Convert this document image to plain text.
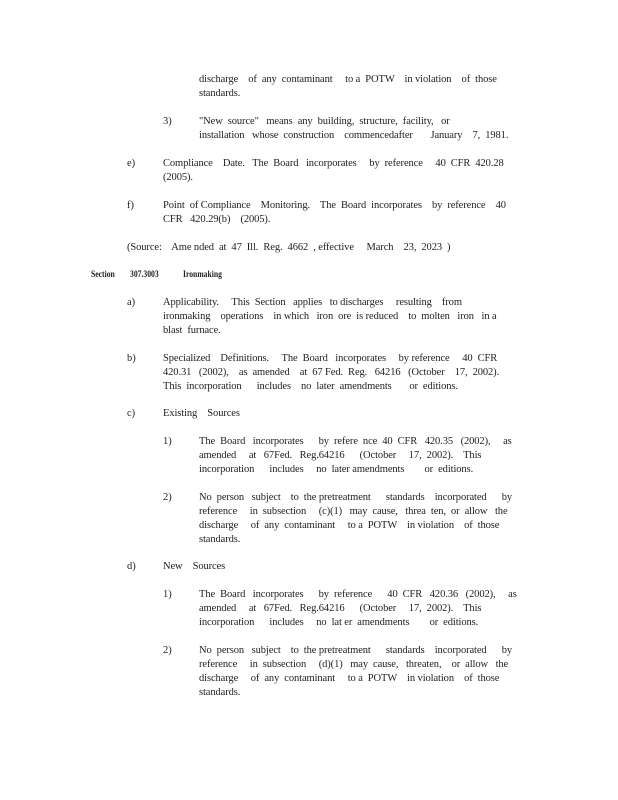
discharge    of  any  contaminant     to a  POTW    in violation    of  those
standards.
3)	"New  source"   means  any  building,  structure,  facility,   or
installation   whose  construction    commencedafter       January    7,  1981.
e)	Compliance    Date.   The  Board   incorporates     by  reference     40  CFR  420.28
(2005).
f)	Point  of Compliance    Monitoring.    The  Board  incorporates    by  reference    40
CFR   420.29(b)    (2005).
(Source:    Ame nded  at  47  Ill.  Reg.  4662  , effective     March    23,  2023  )
Section 307.3003	Ironmaking
a)	Applicability.     This  Section   applies   to discharges     resulting    from
ironmaking    operations    in which   iron  ore  is reduced    to  molten   iron   in a
blast  furnace.
b)	Specialized    Definitions.     The  Board   incorporates     by reference     40  CFR
420.31   (2002),    as  amended    at  67 Fed.  Reg.   64216   (October    17,  2002).
This  incorporation      includes    no  later  amendments       or  editions.
c)	Existing    Sources
1)	The  Board   incorporates      by  refere  nce  40  CFR   420.35   (2002),     as
amended     at   67Fed.   Reg.64216      (October     17,  2002).    This
incorporation      includes     no  later amendments        or  editions.
2)	No  person   subject    to  the pretreatment      standards    incorporated      by
reference     in  subsection     (c)(1)   may  cause,   threa  ten,  or  allow   the
discharge     of  any  contaminant     to a  POTW    in violation    of  those
standards.
d)	New    Sources
1)	The  Board   incorporates      by  reference      40  CFR   420.36   (2002),     as
amended     at   67Fed.   Reg.64216      (October     17,  2002).    This
incorporation      includes     no  lat er  amendments        or  editions.
2)	No  person   subject    to  the pretreatment      standards    incorporated      by
reference     in  subsection     (d)(1)   may  cause,   threaten,    or  allow   the
discharge     of  any  contaminant     to a  POTW    in violation    of  those
standards.
